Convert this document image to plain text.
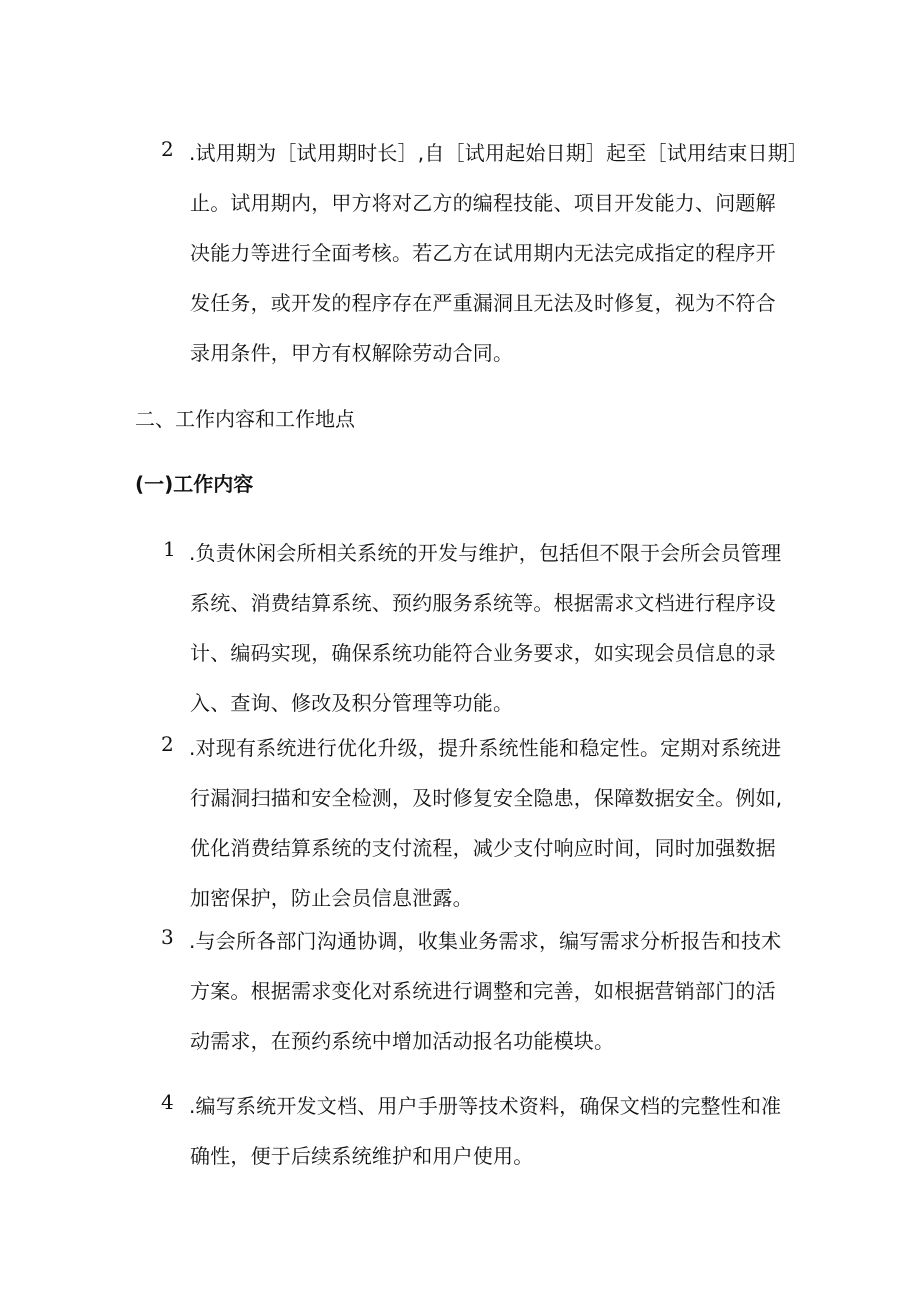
2 .试用期为［试用期时长］,自［试用起始日期］起至［试用结束日期］
止。试用期内，甲方将对乙方的编程技能、项目开发能力、问题解
决能力等进行全面考核。若乙方在试用期内无法完成指定的程序开
发任务，或开发的程序存在严重漏洞且无法及时修复，视为不符合
录用条件，甲方有权解除劳动合同。
二、工作内容和工作地点
(一)工作内容
1 .负责休闲会所相关系统的开发与维护，包括但不限于会所会员管理
系统、消费结算系统、预约服务系统等。根据需求文档进行程序设
计、编码实现，确保系统功能符合业务要求，如实现会员信息的录
入、查询、修改及积分管理等功能。
2 .对现有系统进行优化升级，提升系统性能和稳定性。定期对系统进
行漏洞扫描和安全检测，及时修复安全隐患，保障数据安全。例如,
优化消费结算系统的支付流程，减少支付响应时间，同时加强数据
加密保护，防止会员信息泄露。
3 .与会所各部门沟通协调，收集业务需求，编写需求分析报告和技术
方案。根据需求变化对系统进行调整和完善，如根据营销部门的活
动需求，在预约系统中增加活动报名功能模块。
4 .编写系统开发文档、用户手册等技术资料，确保文档的完整性和准
确性，便于后续系统维护和用户使用。
